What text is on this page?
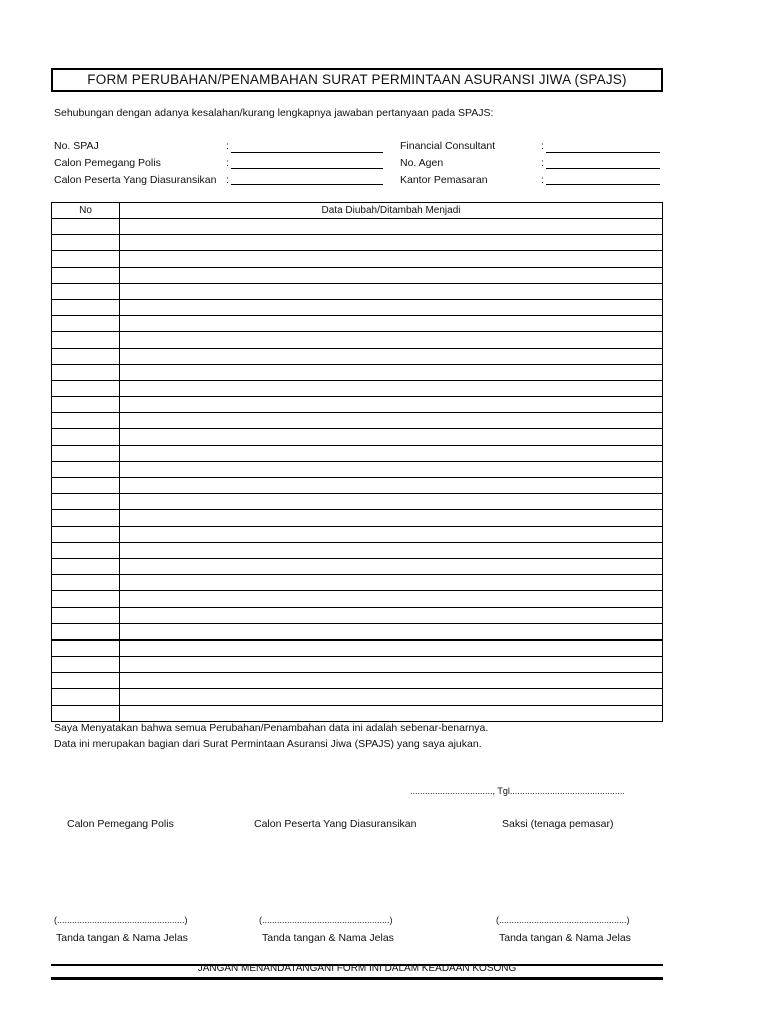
FORM PERUBAHAN/PENAMBAHAN SURAT PERMINTAAN ASURANSI JIWA (SPAJS)
Sehubungan dengan adanya kesalahan/kurang lengkapnya jawaban pertanyaan pada SPAJS:
No. SPAJ	:
Calon Pemegang Polis	:
Calon Peserta Yang Diasuransikan :
Financial Consultant	:
No. Agen	:
Kantor Pemasaran	:
No	Data Diubah/Ditambah Menjadi

Saya Menyatakan bahwa semua Perubahan/Penambahan data ini adalah sebenar-benarnya.
Data ini merupakan bagian dari Surat Permintaan Asuransi Jiwa (SPAJS) yang saya ajukan.
................................., Tgl..............................................
Calon Pemegang Polis	Calon Peserta Yang Diasuransikan	Saksi (tenaga pemasar)
(...................................................)	(...................................................)	(...................................................)
Tanda tangan & Nama Jelas	Tanda tangan & Nama Jelas	Tanda tangan & Nama Jelas
JANGAN MENANDATANGANI FORM INI DALAM KEADAAN KOSONG
